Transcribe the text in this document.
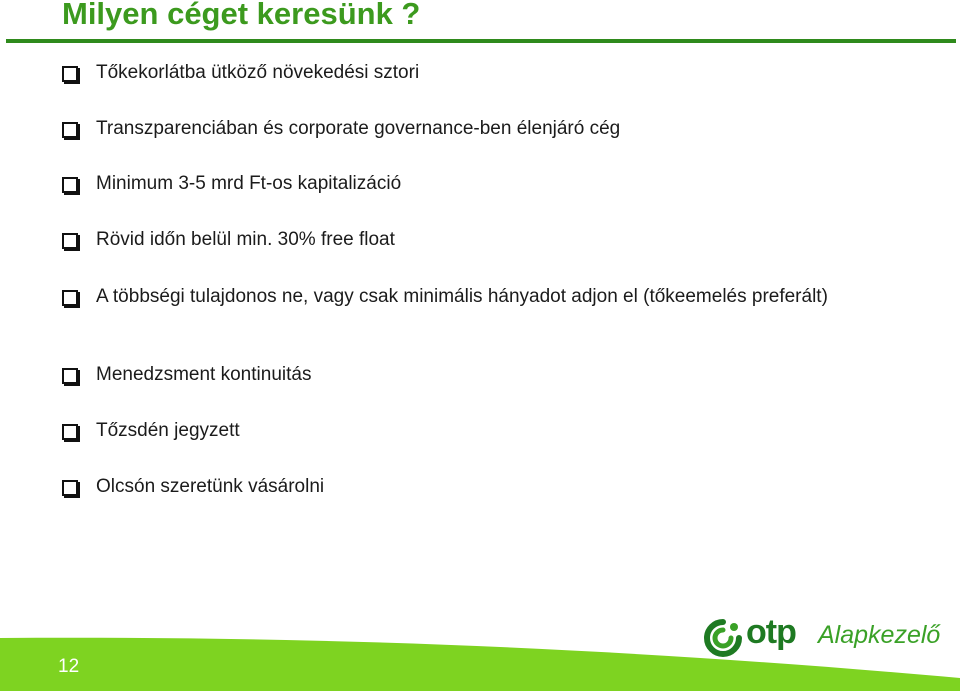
Milyen céget keresünk ?
Tőkekorlátba ütköző növekedési sztori
Transzparenciában és corporate governance-ben élenjáró cég
Minimum 3-5 mrd Ft-os kapitalizáció
Rövid időn belül min. 30% free float
A többségi tulajdonos ne, vagy csak minimális hányadot adjon el (tőkeemelés preferált)
Menedzsment kontinuitás
Tőzsdén jegyzett
Olcsón szeretünk vásárolni
12
otp Alapkezelő
